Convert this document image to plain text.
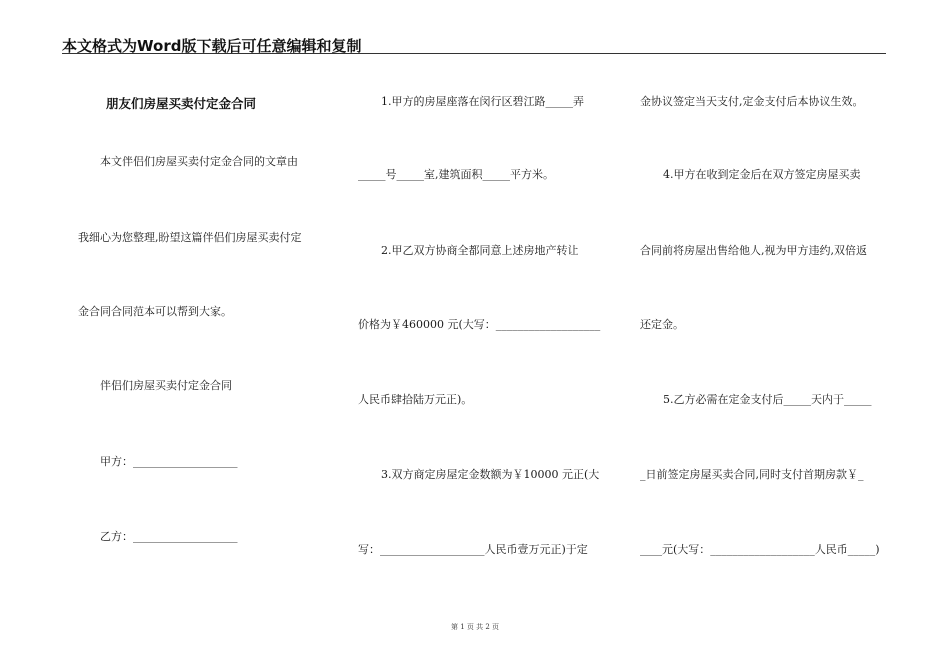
本文格式为Word版下载后可任意编辑和复制
朋友们房屋买卖付定金合同
本文伴侣们房屋买卖付定金合同的文章由
我细心为您整理,盼望这篇伴侣们房屋买卖付定
金合同合同范本可以帮到大家。
伴侣们房屋买卖付定金合同
甲方：___________________
乙方：___________________
1.甲方的房屋座落在闵行区碧江路_____弄
_____号_____室,建筑面积_____平方米。
2.甲乙双方协商全都同意上述房地产转让
价格为￥460000 元(大写：___________________
人民币肆拾陆万元正)。
3.双方商定房屋定金数额为￥10000 元正(大
写：___________________人民币壹万元正)于定
金协议签定当天支付,定金支付后本协议生效。
4.甲方在收到定金后在双方签定房屋买卖
合同前将房屋出售给他人,视为甲方违约,双倍返
还定金。
5.乙方必需在定金支付后_____天内于_____
_日前签定房屋买卖合同,同时支付首期房款￥_
____元(大写：___________________人民币_____)
第 1 页 共 2 页
